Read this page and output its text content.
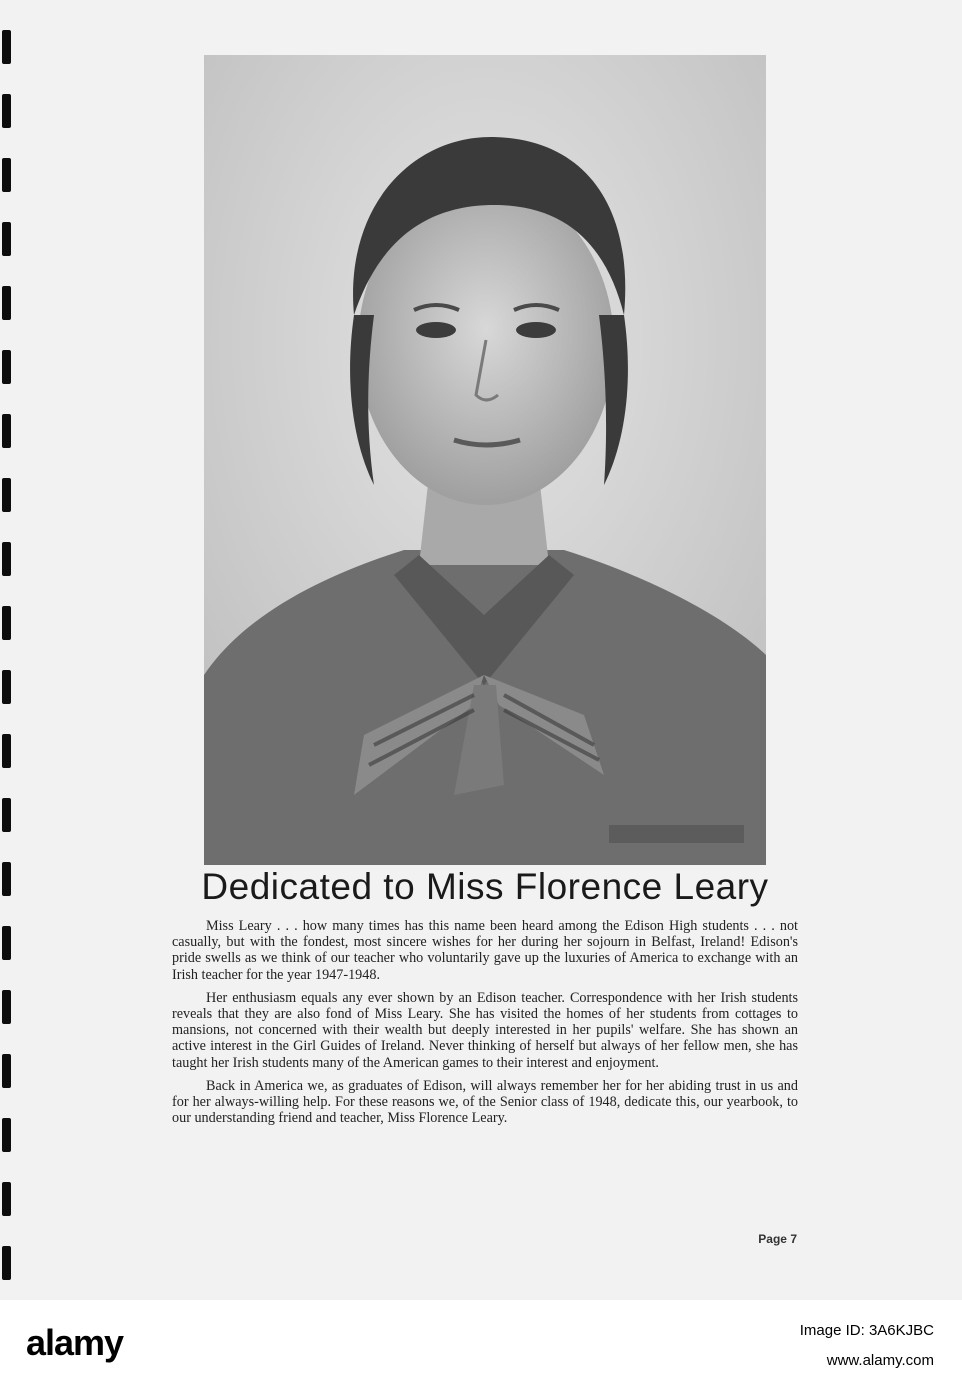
Dedicated to Miss Florence Leary

Miss Leary . . . how many times has this name been heard among the Edison High students . . . not casually, but with the fondest, most sincere wishes for her during her sojourn in Belfast, Ireland! Edison's pride swells as we think of our teacher who voluntarily gave up the luxuries of America to exchange with an Irish teacher for the year 1947-1948.

Her enthusiasm equals any ever shown by an Edison teacher. Correspondence with her Irish students reveals that they are also fond of Miss Leary. She has visited the homes of her students from cottages to mansions, not concerned with their wealth but deeply interested in her pupils' welfare. She has shown an active interest in the Girl Guides of Ireland. Never thinking of herself but always of her fellow men, she has taught her Irish students many of the American games to their interest and enjoyment.

Back in America we, as graduates of Edison, will always remember her for her abiding trust in us and for her always-willing help. For these reasons we, of the Senior class of 1948, dedicate this, our yearbook, to our understanding friend and teacher, Miss Florence Leary.

Page 7
alamy	Image ID: 3A6KJBC
www.alamy.com
